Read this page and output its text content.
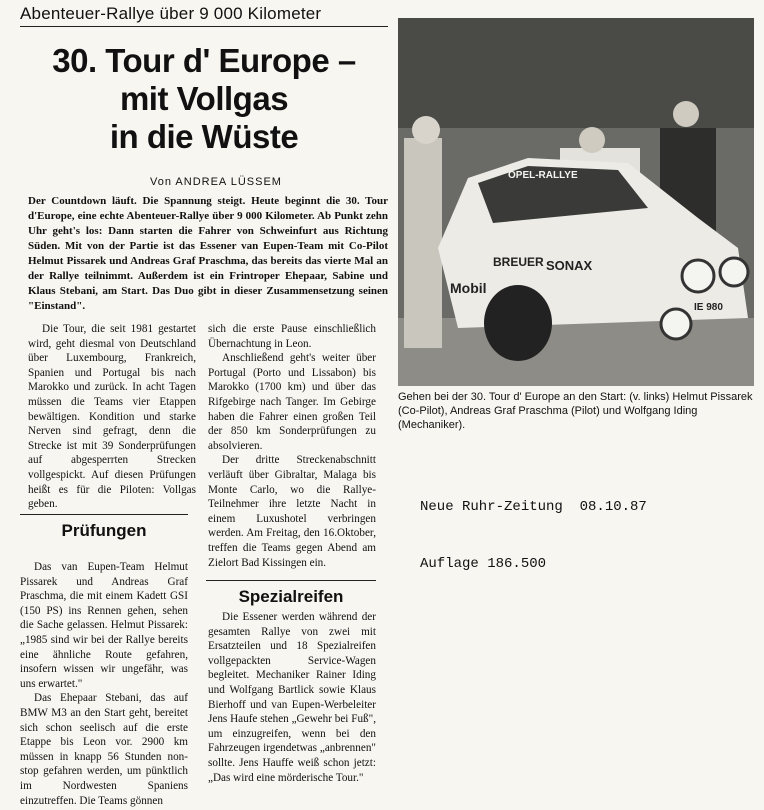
Abenteuer-Rallye über 9 000 Kilometer
30. Tour d' Europe –
mit Vollgas
in die Wüste
Von ANDREA LÜSSEM
Der Countdown läuft. Die Spannung steigt. Heute beginnt die 30. Tour d'Europe, eine echte Abenteuer-Rallye über 9 000 Kilometer. Ab Punkt zehn Uhr geht's los: Dann starten die Fahrer von Schweinfurt aus Richtung Süden. Mit von der Partie ist das Essener van Eupen-Team mit Co-Pilot Helmut Pissarek und Andreas Graf Praschma, das bereits das vierte Mal an der Rallye teilnimmt. Außerdem ist ein Frintroper Ehepaar, Sabine und Klaus Stebani, am Start. Das Duo gibt in dieser Zusammensetzung seinen "Einstand".

Die Tour, die seit 1981 gestartet wird, geht diesmal von Deutschland über Luxembourg, Frankreich, Spanien und Portugal bis nach Marokko und zurück. In acht Tagen müssen die Teams vier Etappen bewältigen. Kondition und starke Nerven sind gefragt, denn die Strecke ist mit 39 Sonderprüfungen auf abgesperrten Strecken vollgespickt. Auf diesen Prüfungen heißt es für die Piloten: Vollgas geben.

Prüfungen

Das van Eupen-Team Helmut Pissarek und Andreas Graf Praschma, die mit einem Kadett GSI (150 PS) ins Rennen gehen, sehen die Sache gelassen. Helmut Pissarek: „1985 sind wir bei der Rallye bereits eine ähnliche Route gefahren, insofern wissen wir ungefähr, was uns erwartet."

Das Ehepaar Stebani, das auf BMW M3 an den Start geht, bereitet sich schon seelisch auf die erste Etappe bis Leon vor. 2900 km müssen in knapp 56 Stunden non-stop gefahren werden, um pünktlich im Nordwesten Spaniens einzutreffen. Die Teams gönnen

sich die erste Pause einschließlich Übernachtung in Leon.

Anschließend geht's weiter über Portugal (Porto und Lissabon) bis Marokko (1700 km) und über das Rifgebirge nach Tanger. Im Gebirge haben die Fahrer einen großen Teil der 850 km Sonderprüfungen zu absolvieren.

Der dritte Streckenabschnitt verläuft über Gibraltar, Malaga bis Monte Carlo, wo die Rallye-Teilnehmer ihre letzte Nacht in einem Luxushotel verbringen werden. Am Freitag, den 16.Oktober, treffen die Teams gegen Abend am Zielort Bad Kissingen ein.

Spezialreifen

Die Essener werden während der gesamten Rallye von zwei mit Ersatzteilen und 18 Spezialreifen vollgepackten Service-Wagen begleitet. Mechaniker Rainer Iding und Wolfgang Bartlick sowie Klaus Bierhoff und van Eupen-Werbeleiter Jens Haufe stehen „Gewehr bei Fuß", um einzugreifen, wenn bei den Fahrzeugen irgendetwas „anbrennen" sollte. Jens Hauffe weiß schon jetzt: „Das wird eine mörderische Tour."

OPEL-RALLYE
BREUER SONAX
Mobil
IE 980
Gehen bei der 30. Tour d' Europe an den Start: (v. links) Helmut Pissarek (Co-Pilot), Andreas Graf Praschma (Pilot) und Wolfgang Iding (Mechaniker).

Neue Ruhr-Zeitung  08.10.87

Auflage 186.500
